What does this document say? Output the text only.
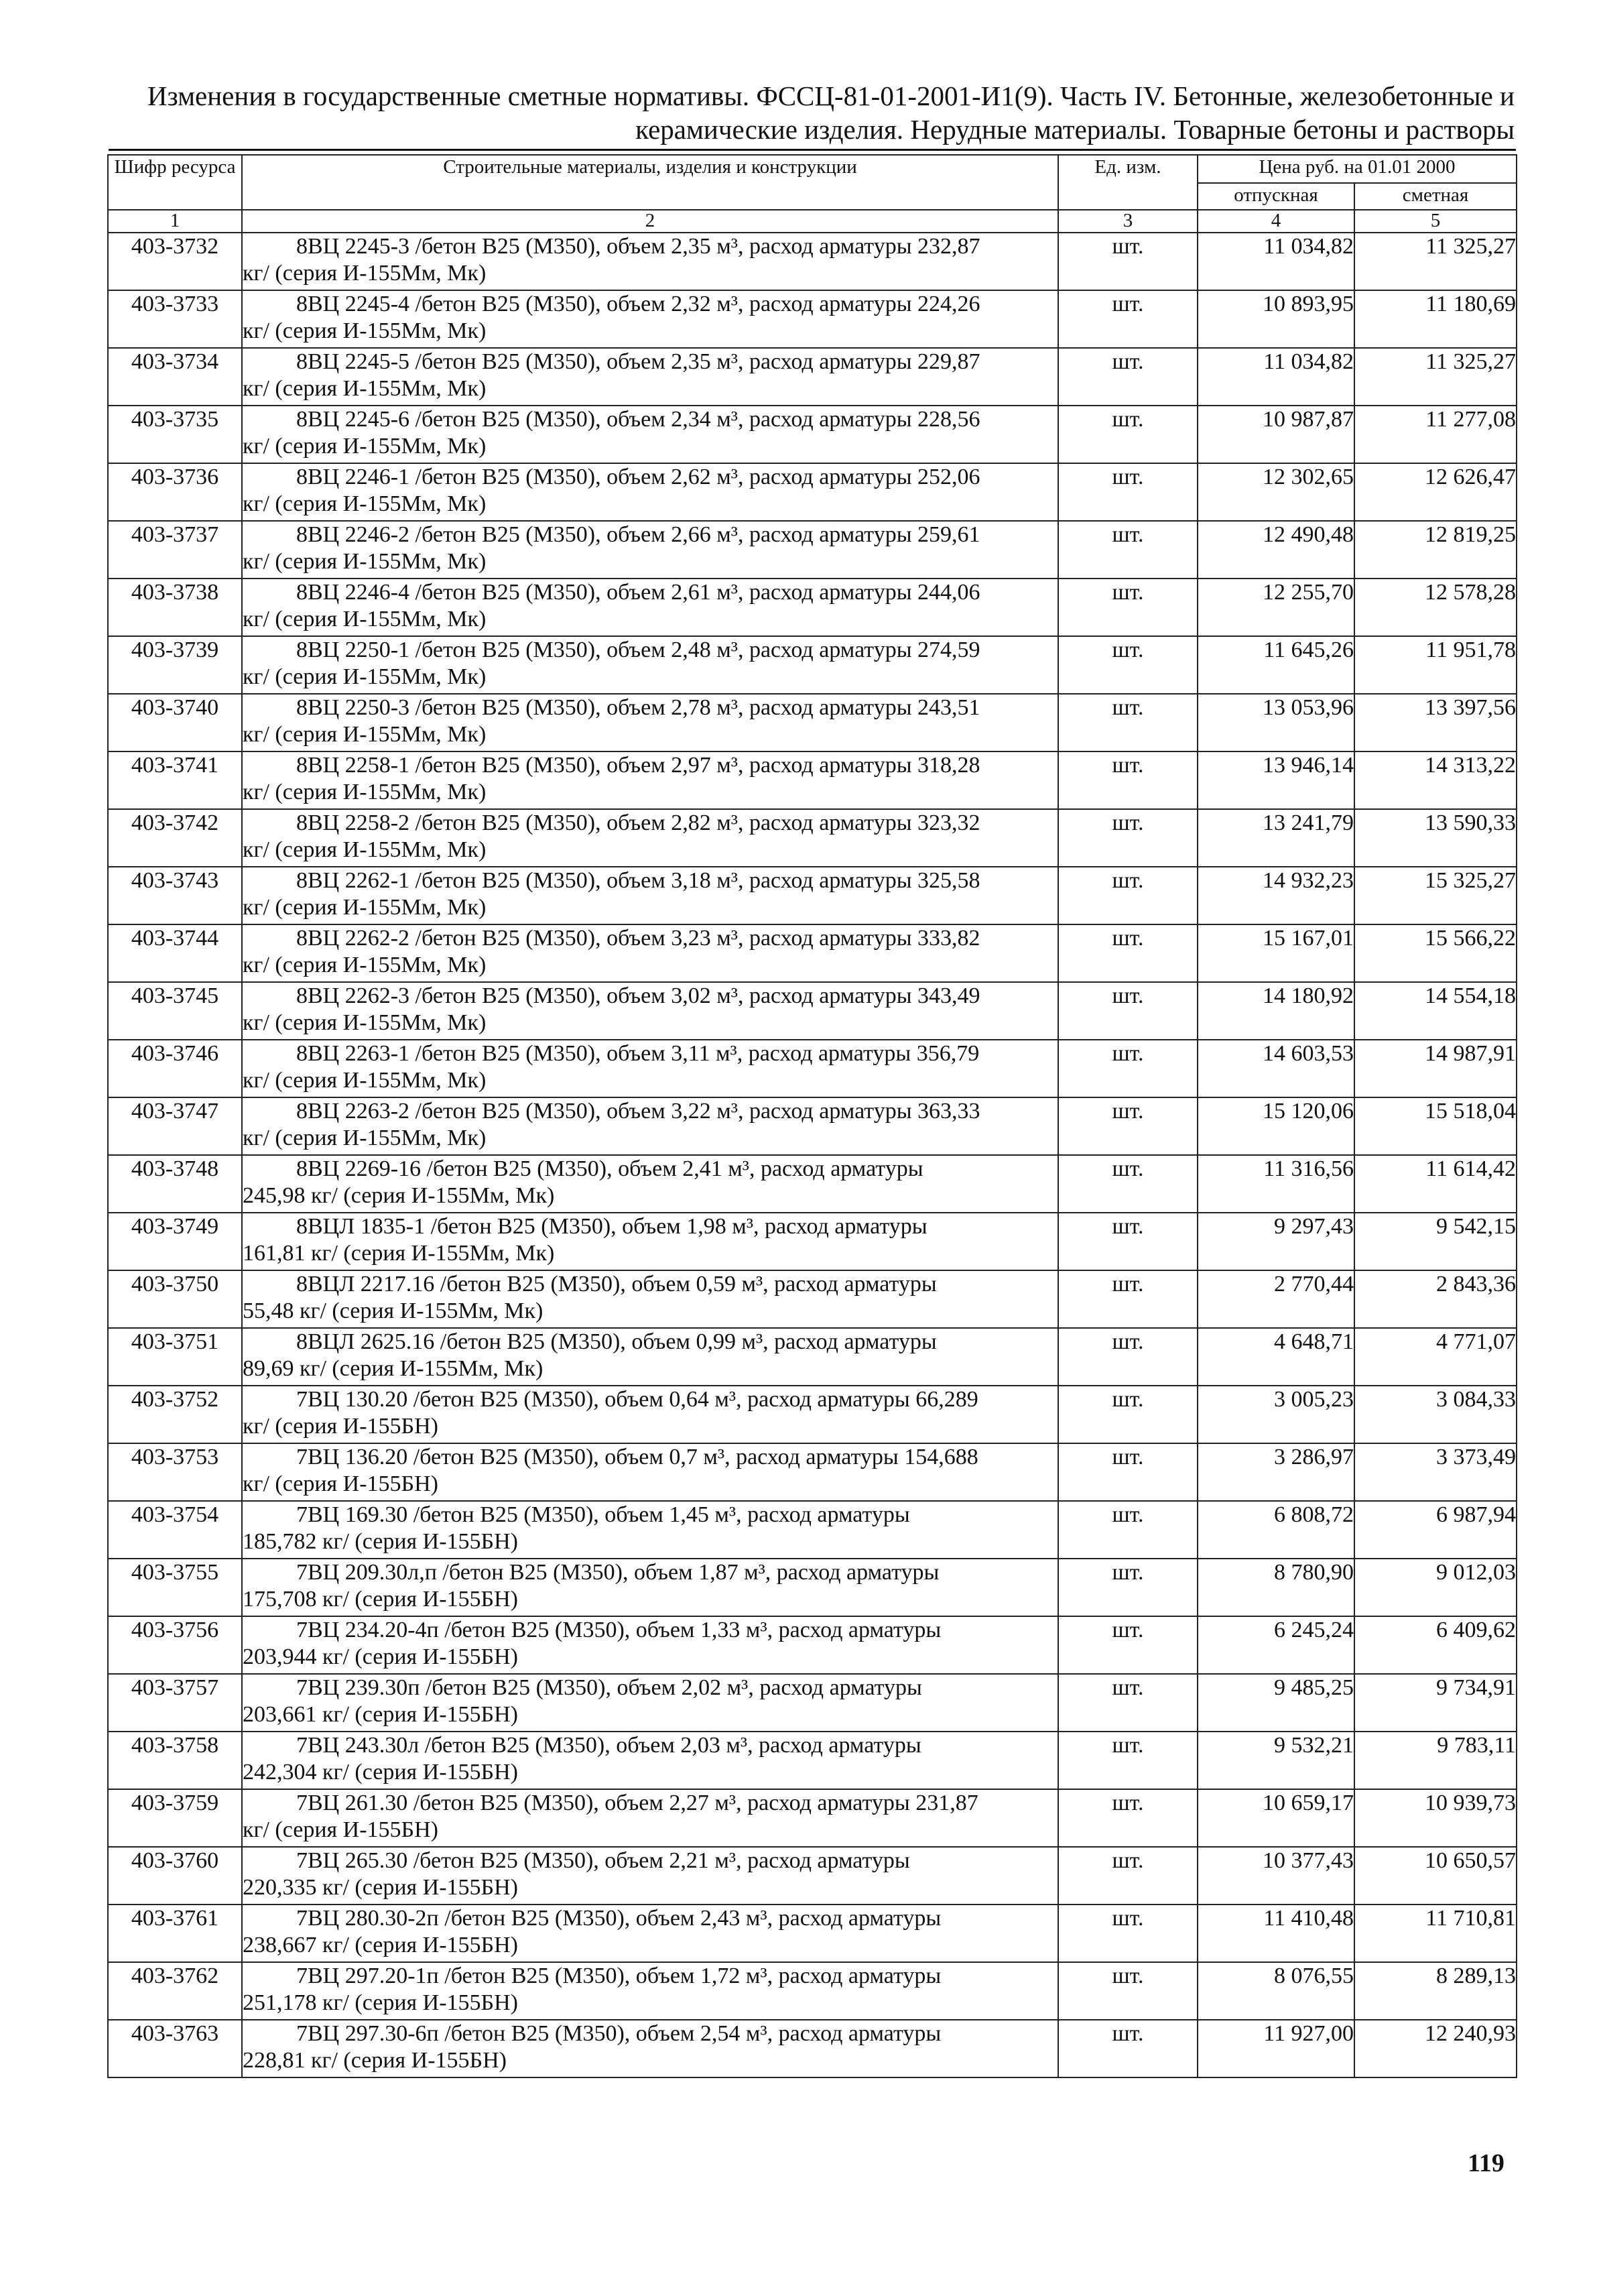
Изменения в государственные сметные нормативы. ФССЦ-81-01-2001-И1(9). Часть IV. Бетонные, железобетонные и
керамические изделия. Нерудные материалы. Товарные бетоны и растворы
Шифр ресурса	Строительные материалы, изделия и конструкции	Ед. изм.	Цена руб. на 01.01 2000	
			отпускная	сметная
1	2	3	4	5
403-3732	8ВЦ 2245-3 /бетон В25 (М350), объем 2,35 м³, расход арматуры 232,87
кг/ (серия И-155Мм, Мк)	шт.	11 034,82	11 325,27
403-3733	8ВЦ 2245-4 /бетон В25 (М350), объем 2,32 м³, расход арматуры 224,26
кг/ (серия И-155Мм, Мк)	шт.	10 893,95	11 180,69
403-3734	8ВЦ 2245-5 /бетон В25 (М350), объем 2,35 м³, расход арматуры 229,87
кг/ (серия И-155Мм, Мк)	шт.	11 034,82	11 325,27
403-3735	8ВЦ 2245-6 /бетон В25 (М350), объем 2,34 м³, расход арматуры 228,56
кг/ (серия И-155Мм, Мк)	шт.	10 987,87	11 277,08
403-3736	8ВЦ 2246-1 /бетон В25 (М350), объем 2,62 м³, расход арматуры 252,06
кг/ (серия И-155Мм, Мк)	шт.	12 302,65	12 626,47
403-3737	8ВЦ 2246-2 /бетон В25 (М350), объем 2,66 м³, расход арматуры 259,61
кг/ (серия И-155Мм, Мк)	шт.	12 490,48	12 819,25
403-3738	8ВЦ 2246-4 /бетон В25 (М350), объем 2,61 м³, расход арматуры 244,06
кг/ (серия И-155Мм, Мк)	шт.	12 255,70	12 578,28
403-3739	8ВЦ 2250-1 /бетон В25 (М350), объем 2,48 м³, расход арматуры 274,59
кг/ (серия И-155Мм, Мк)	шт.	11 645,26	11 951,78
403-3740	8ВЦ 2250-3 /бетон В25 (М350), объем 2,78 м³, расход арматуры 243,51
кг/ (серия И-155Мм, Мк)	шт.	13 053,96	13 397,56
403-3741	8ВЦ 2258-1 /бетон В25 (М350), объем 2,97 м³, расход арматуры 318,28
кг/ (серия И-155Мм, Мк)	шт.	13 946,14	14 313,22
403-3742	8ВЦ 2258-2 /бетон В25 (М350), объем 2,82 м³, расход арматуры 323,32
кг/ (серия И-155Мм, Мк)	шт.	13 241,79	13 590,33
403-3743	8ВЦ 2262-1 /бетон В25 (М350), объем 3,18 м³, расход арматуры 325,58
кг/ (серия И-155Мм, Мк)	шт.	14 932,23	15 325,27
403-3744	8ВЦ 2262-2 /бетон В25 (М350), объем 3,23 м³, расход арматуры 333,82
кг/ (серия И-155Мм, Мк)	шт.	15 167,01	15 566,22
403-3745	8ВЦ 2262-3 /бетон В25 (М350), объем 3,02 м³, расход арматуры 343,49
кг/ (серия И-155Мм, Мк)	шт.	14 180,92	14 554,18
403-3746	8ВЦ 2263-1 /бетон В25 (М350), объем 3,11 м³, расход арматуры 356,79
кг/ (серия И-155Мм, Мк)	шт.	14 603,53	14 987,91
403-3747	8ВЦ 2263-2 /бетон В25 (М350), объем 3,22 м³, расход арматуры 363,33
кг/ (серия И-155Мм, Мк)	шт.	15 120,06	15 518,04
403-3748	8ВЦ 2269-16 /бетон В25 (М350), объем 2,41 м³, расход арматуры
245,98 кг/ (серия И-155Мм, Мк)	шт.	11 316,56	11 614,42
403-3749	8ВЦЛ 1835-1 /бетон В25 (М350), объем 1,98 м³, расход арматуры
161,81 кг/ (серия И-155Мм, Мк)	шт.	9 297,43	9 542,15
403-3750	8ВЦЛ 2217.16 /бетон В25 (М350), объем 0,59 м³, расход арматуры
55,48 кг/ (серия И-155Мм, Мк)	шт.	2 770,44	2 843,36
403-3751	8ВЦЛ 2625.16 /бетон В25 (М350), объем 0,99 м³, расход арматуры
89,69 кг/ (серия И-155Мм, Мк)	шт.	4 648,71	4 771,07
403-3752	7ВЦ 130.20 /бетон В25 (М350), объем 0,64 м³, расход арматуры 66,289
кг/ (серия И-155БН)	шт.	3 005,23	3 084,33
403-3753	7ВЦ 136.20 /бетон В25 (М350), объем 0,7 м³, расход арматуры 154,688
кг/ (серия И-155БН)	шт.	3 286,97	3 373,49
403-3754	7ВЦ 169.30 /бетон В25 (М350), объем 1,45 м³, расход арматуры
185,782 кг/ (серия И-155БН)	шт.	6 808,72	6 987,94
403-3755	7ВЦ 209.30л,п /бетон В25 (М350), объем 1,87 м³, расход арматуры
175,708 кг/ (серия И-155БН)	шт.	8 780,90	9 012,03
403-3756	7ВЦ 234.20-4п /бетон В25 (М350), объем 1,33 м³, расход арматуры
203,944 кг/ (серия И-155БН)	шт.	6 245,24	6 409,62
403-3757	7ВЦ 239.30п /бетон В25 (М350), объем 2,02 м³, расход арматуры
203,661 кг/ (серия И-155БН)	шт.	9 485,25	9 734,91
403-3758	7ВЦ 243.30л /бетон В25 (М350), объем 2,03 м³, расход арматуры
242,304 кг/ (серия И-155БН)	шт.	9 532,21	9 783,11
403-3759	7ВЦ 261.30 /бетон В25 (М350), объем 2,27 м³, расход арматуры 231,87
кг/ (серия И-155БН)	шт.	10 659,17	10 939,73
403-3760	7ВЦ 265.30 /бетон В25 (М350), объем 2,21 м³, расход арматуры
220,335 кг/ (серия И-155БН)	шт.	10 377,43	10 650,57
403-3761	7ВЦ 280.30-2п /бетон В25 (М350), объем 2,43 м³, расход арматуры
238,667 кг/ (серия И-155БН)	шт.	11 410,48	11 710,81
403-3762	7ВЦ 297.20-1п /бетон В25 (М350), объем 1,72 м³, расход арматуры
251,178 кг/ (серия И-155БН)	шт.	8 076,55	8 289,13
403-3763	7ВЦ 297.30-6п /бетон В25 (М350), объем 2,54 м³, расход арматуры
228,81 кг/ (серия И-155БН)	шт.	11 927,00	12 240,93
119
